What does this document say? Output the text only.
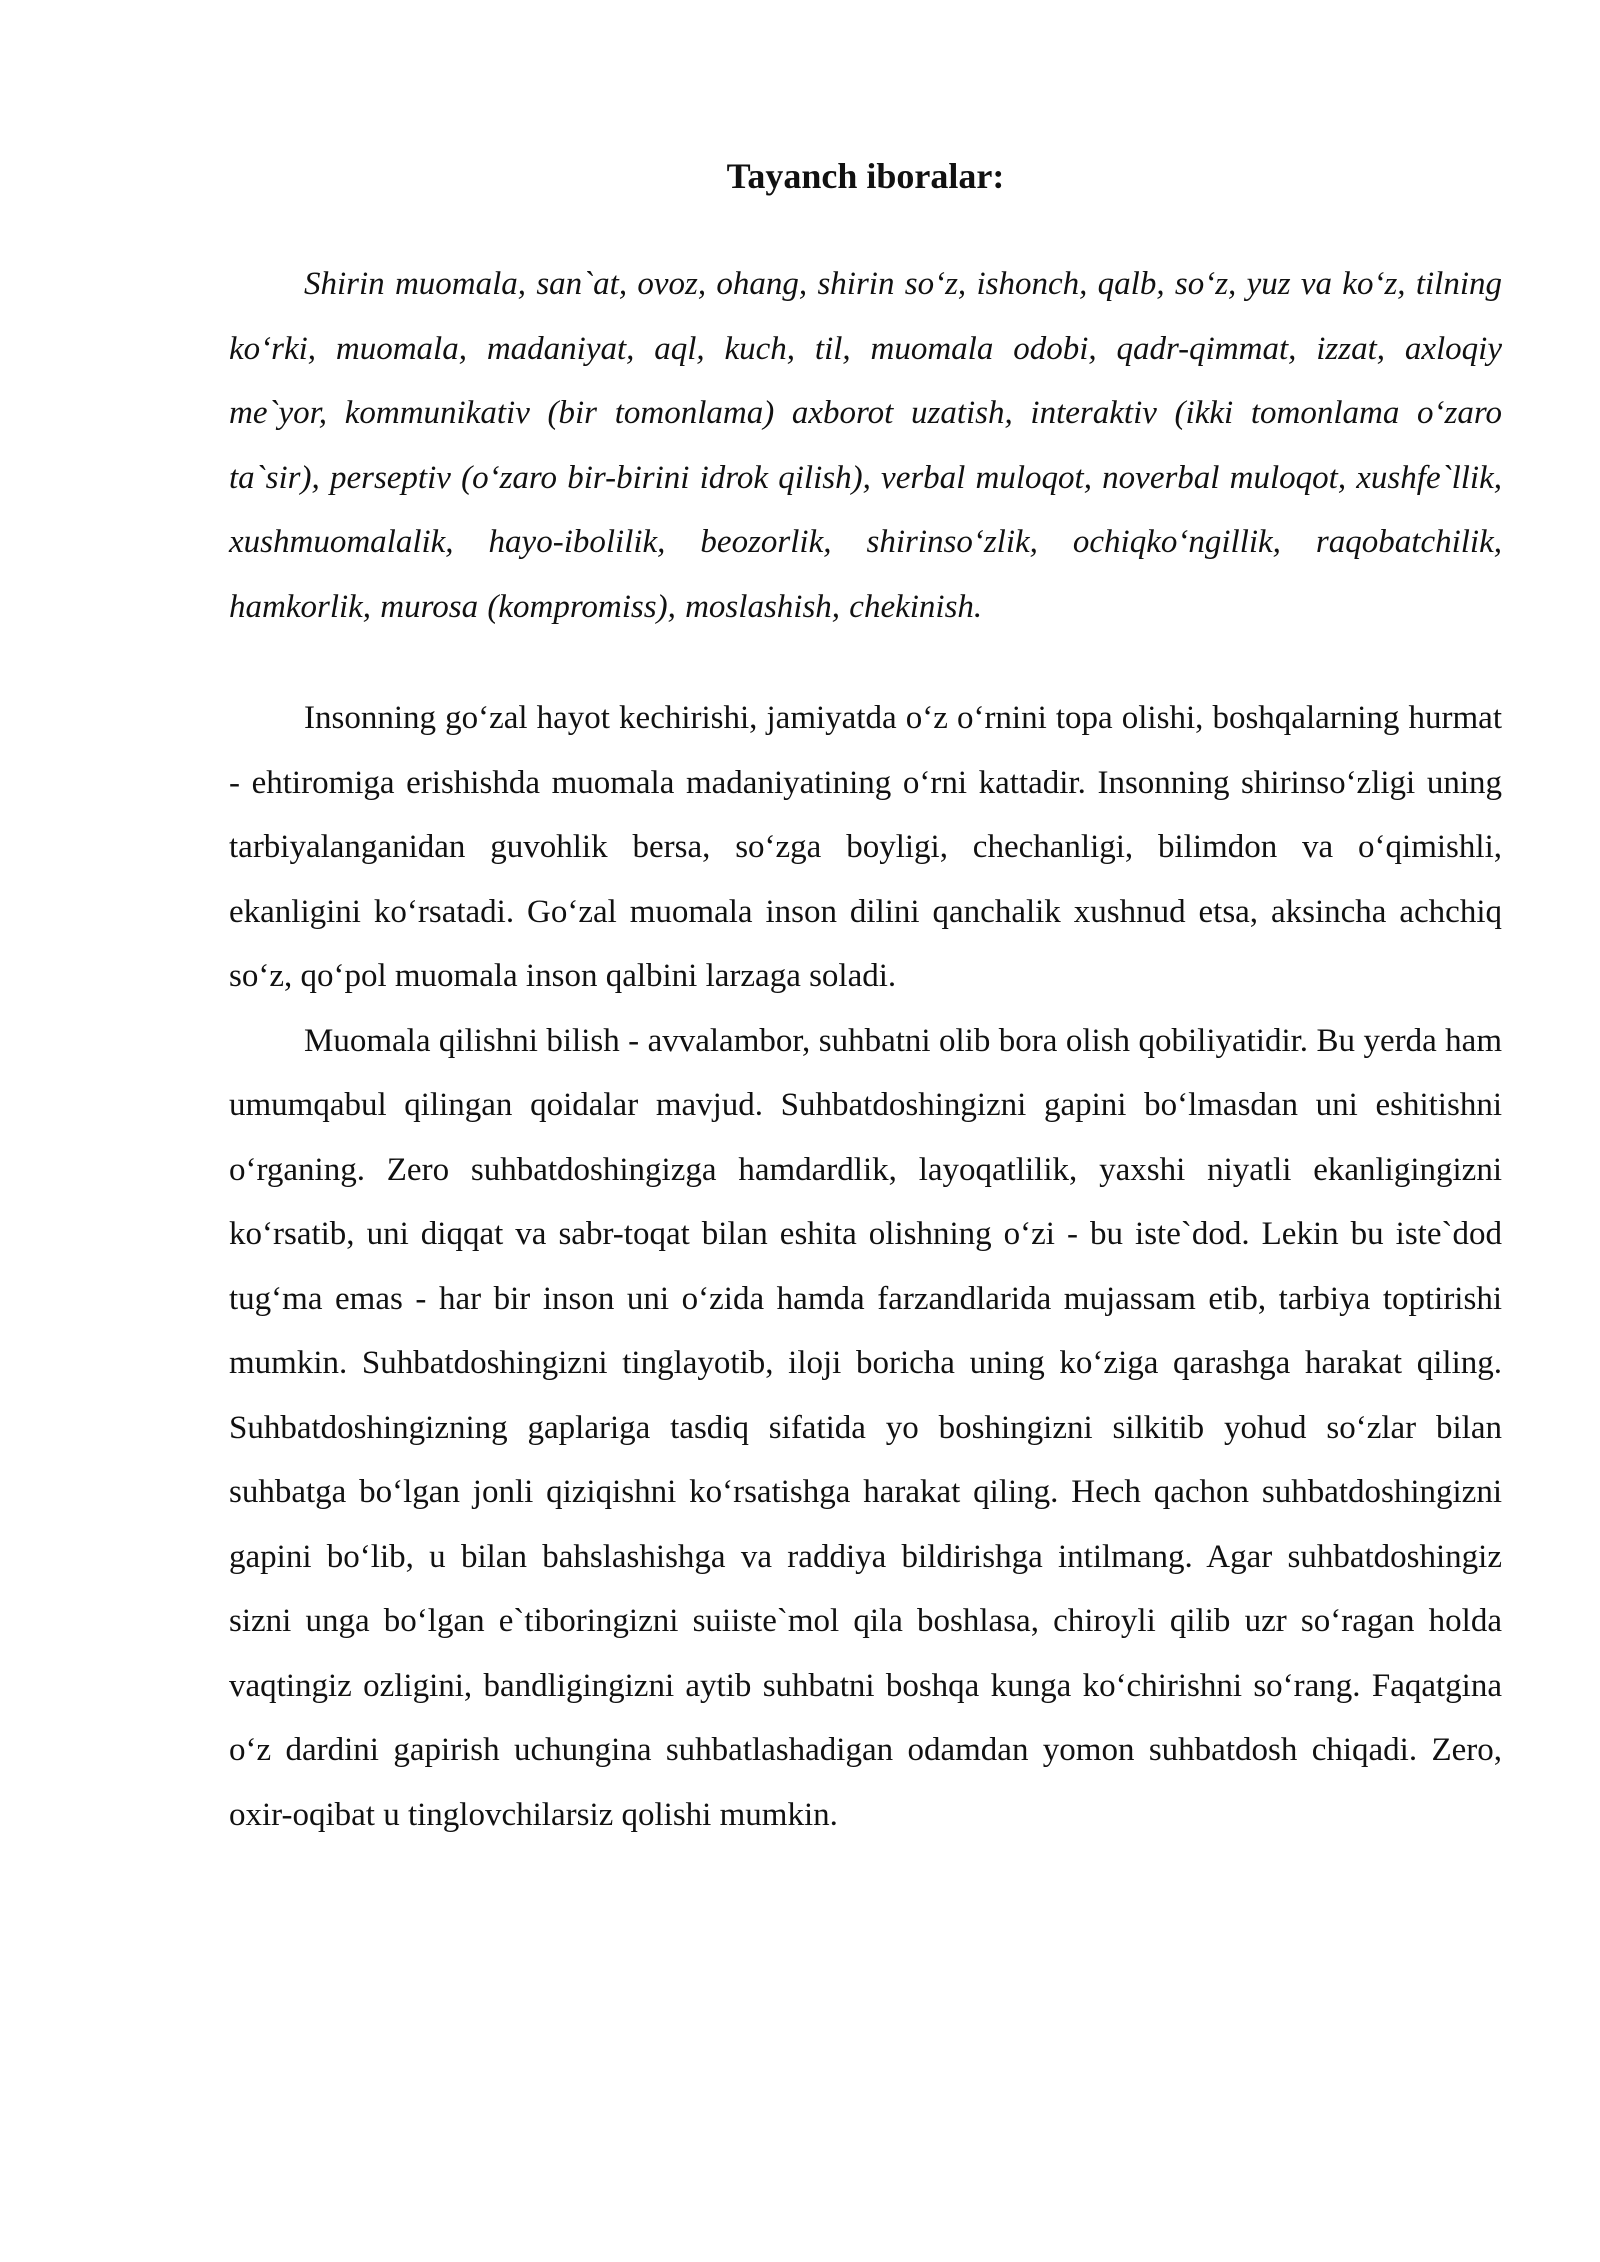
Tayanch iboralar:

Shirin muomala, san`at, ovoz, ohang, shirin so‘z, ishonch, qalb, so‘z, yuz va ko‘z, tilning ko‘rki, muomala, madaniyat, aql, kuch, til, muomala odobi, qadr-qimmat, izzat, axloqiy me`yor, kommunikativ (bir tomonlama) axborot uzatish, interaktiv (ikki tomonlama o‘zaro ta`sir), perseptiv (o‘zaro bir-birini idrok qilish), verbal muloqot, noverbal muloqot, xushfe`llik, xushmuomalalik, hayo-ibolilik, beozorlik, shirinso‘zlik, ochiqko‘ngillik, raqobatchilik, hamkorlik, murosa (kompromiss), moslashish, chekinish.

Insonning go‘zal hayot kechirishi, jamiyatda o‘z o‘rnini topa olishi, boshqalarning hurmat - ehtiromiga erishishda muomala madaniyatining o‘rni kattadir. Insonning shirinso‘zligi uning tarbiyalanganidan guvohlik bersa, so‘zga boyligi, chechanligi, bilimdon va o‘qimishli, ekanligini ko‘rsatadi. Go‘zal muomala inson dilini qanchalik xushnud etsa, aksincha achchiq so‘z, qo‘pol muomala inson qalbini larzaga soladi.

Muomala qilishni bilish - avvalambor, suhbatni olib bora olish qobiliyatidir. Bu yerda ham umumqabul qilingan qoidalar mavjud. Suhbatdoshingizni gapini bo‘lmasdan uni eshitishni o‘rganing. Zero suhbatdoshingizga hamdardlik, layoqatlilik, yaxshi niyatli ekanligingizni ko‘rsatib, uni diqqat va sabr-toqat bilan eshita olishning o‘zi - bu iste`dod. Lekin bu iste`dod tug‘ma emas - har bir inson uni o‘zida hamda farzandlarida mujassam etib, tarbiya toptirishi mumkin. Suhbatdoshingizni tinglayotib, iloji boricha uning ko‘ziga qarashga harakat qiling. Suhbatdoshingizning gaplariga tasdiq sifatida yo boshingizni silkitib yohud so‘zlar bilan suhbatga bo‘lgan jonli qiziqishni ko‘rsatishga harakat qiling. Hech qachon suhbatdoshingizni gapini bo‘lib, u bilan bahslashishga va raddiya bildirishga intilmang. Agar suhbatdoshingiz sizni unga bo‘lgan e`tiboringizni suiiste`mol qila boshlasa, chiroyli qilib uzr so‘ragan holda vaqtingiz ozligini, bandligingizni aytib suhbatni boshqa kunga ko‘chirishni so‘rang. Faqatgina o‘z dardini gapirish uchungina suhbatlashadigan odamdan yomon suhbatdosh chiqadi. Zero, oxir-oqibat u tinglovchilarsiz qolishi mumkin.
